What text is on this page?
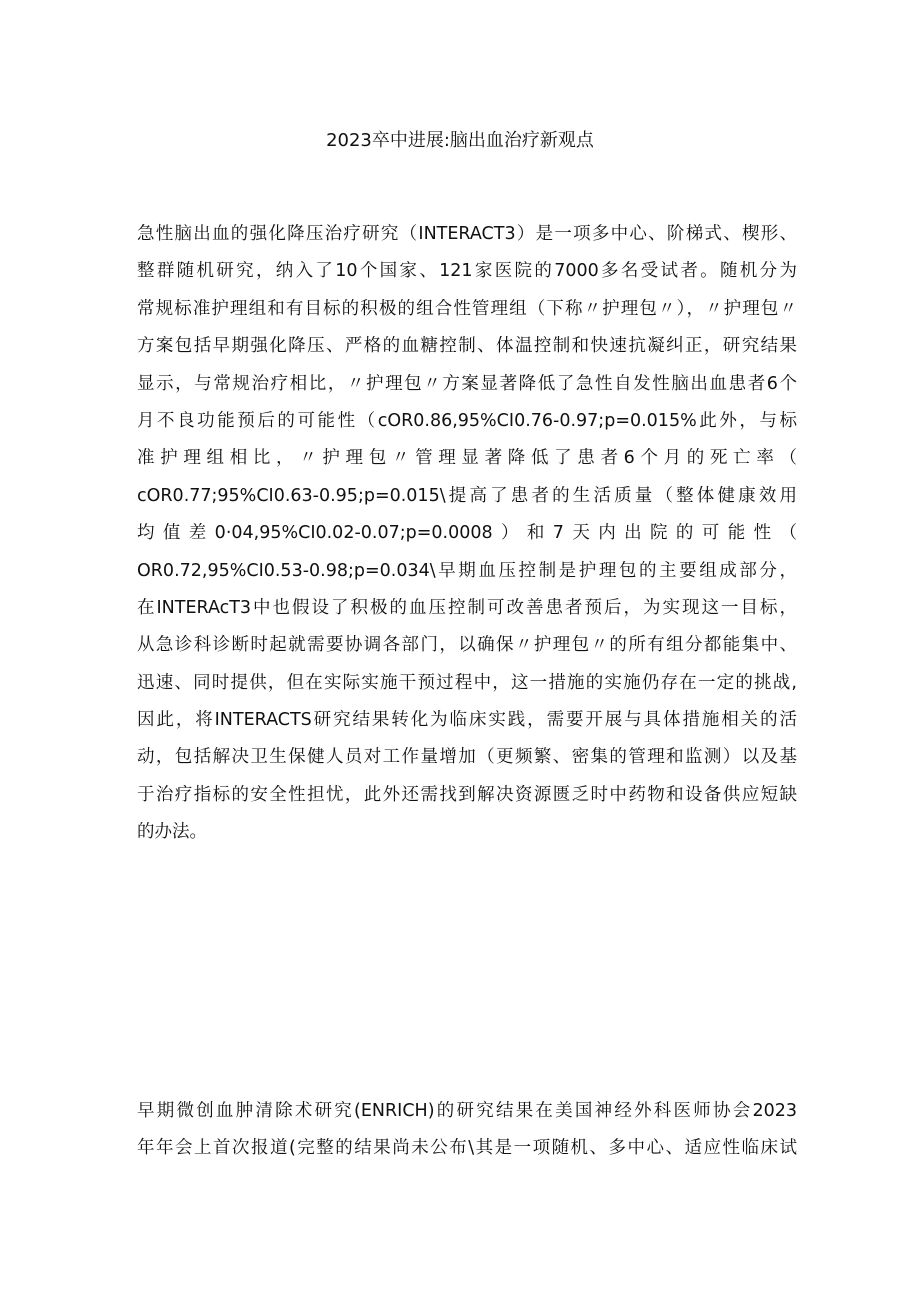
2023卒中进展:脑出血治疗新观点
急性脑出血的强化降压治疗研究（INTERACT3）是一项多中心、阶梯式、楔形、
整群随机研究，纳入了10个国家、121家医院的7000多名受试者。随机分为
常规标准护理组和有目标的积极的组合性管理组（下称〃护理包〃），〃护理包〃
方案包括早期强化降压、严格的血糖控制、体温控制和快速抗凝纠正，研究结果
显示，与常规治疗相比，〃护理包〃方案显著降低了急性自发性脑出血患者6个
月不良功能预后的可能性（cOR0.86,95%CI0.76-0.97;p=0.015%此外，与标
准护理组相比，〃护理包〃管理显著降低了患者6个月的死亡率（
cOR0.77;95%CI0.63-0.95;p=0.015\提高了患者的生活质量（整体健康效用
均值差0·04,95%CI0.02-0.07;p=0.0008）和7天内出院的可能性（
OR0.72,95%CI0.53-0.98;p=0.034\早期血压控制是护理包的主要组成部分，
在INTERAcT3中也假设了积极的血压控制可改善患者预后，为实现这一目标，
从急诊科诊断时起就需要协调各部门，以确保〃护理包〃的所有组分都能集中、
迅速、同时提供，但在实际实施干预过程中，这一措施的实施仍存在一定的挑战,
因此，将INTERACTS研究结果转化为临床实践，需要开展与具体措施相关的活
动，包括解决卫生保健人员对工作量增加（更频繁、密集的管理和监测）以及基
于治疗指标的安全性担忧，此外还需找到解决资源匮乏时中药物和设备供应短缺
的办法。
早期微创血肿清除术研究(ENRICH)的研究结果在美国神经外科医师协会2023
年年会上首次报道(完整的结果尚未公布\其是一项随机、多中心、适应性临床试
